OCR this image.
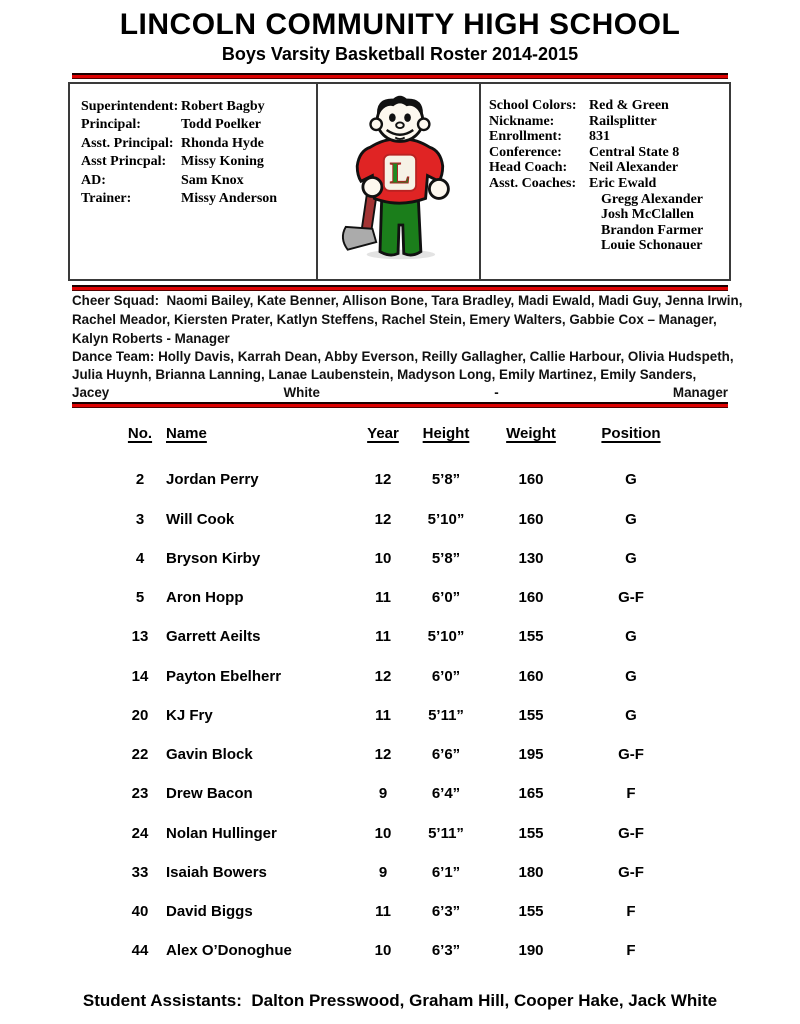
LINCOLN COMMUNITY HIGH SCHOOL
Boys Varsity Basketball Roster 2014-2015
Superintendent: Robert Bagby
Principal:	Todd Poelker
Asst. Principal: Rhonda Hyde
Asst Princpal:	Missy Koning
AD:	Sam Knox
Trainer:	Missy Anderson
L
School Colors: Red & Green
Nickname:	Railsplitter
Enrollment:	831
Conference:	Central State 8
Head Coach:	Neil Alexander
Asst. Coaches: Eric Ewald
Gregg Alexander
Josh McClallen
Brandon Farmer
Louie Schonauer
Cheer Squad:  Naomi Bailey, Kate Benner, Allison Bone, Tara Bradley, Madi Ewald, Madi Guy, Jenna Irwin,
Rachel Meador, Kiersten Prater, Katlyn Steffens, Rachel Stein, Emery Walters, Gabbie Cox – Manager,
Kalyn Roberts - Manager
Dance Team: Holly Davis, Karrah Dean, Abby Everson, Reilly Gallagher, Callie Harbour, Olivia Hudspeth,
Julia Huynh, Brianna Lanning, Lanae Laubenstein, Madyson Long, Emily Martinez, Emily Sanders,
Jacey	White	-	Manager
No. Name	Year	Height	Weight	Position
2	Jordan Perry	12	5’8”	160	G
3	Will Cook	12	5’10”	160	G
4	Bryson Kirby	10	5’8”	130	G
5	Aron Hopp	11	6’0”	160	G-F
13	Garrett Aeilts	11	5’10”	155	G
14	Payton Ebelherr	12	6’0”	160	G
20	KJ Fry	11	5’11”	155	G
22	Gavin Block	12	6’6”	195	G-F
23	Drew Bacon	9	6’4”	165	F
24	Nolan Hullinger	10	5’11”	155	G-F
33	Isaiah Bowers	9	6’1”	180	G-F
40	David Biggs	11	6’3”	155	F
44	Alex O’Donoghue	10	6’3”	190	F
Student Assistants:  Dalton Presswood, Graham Hill, Cooper Hake, Jack White
